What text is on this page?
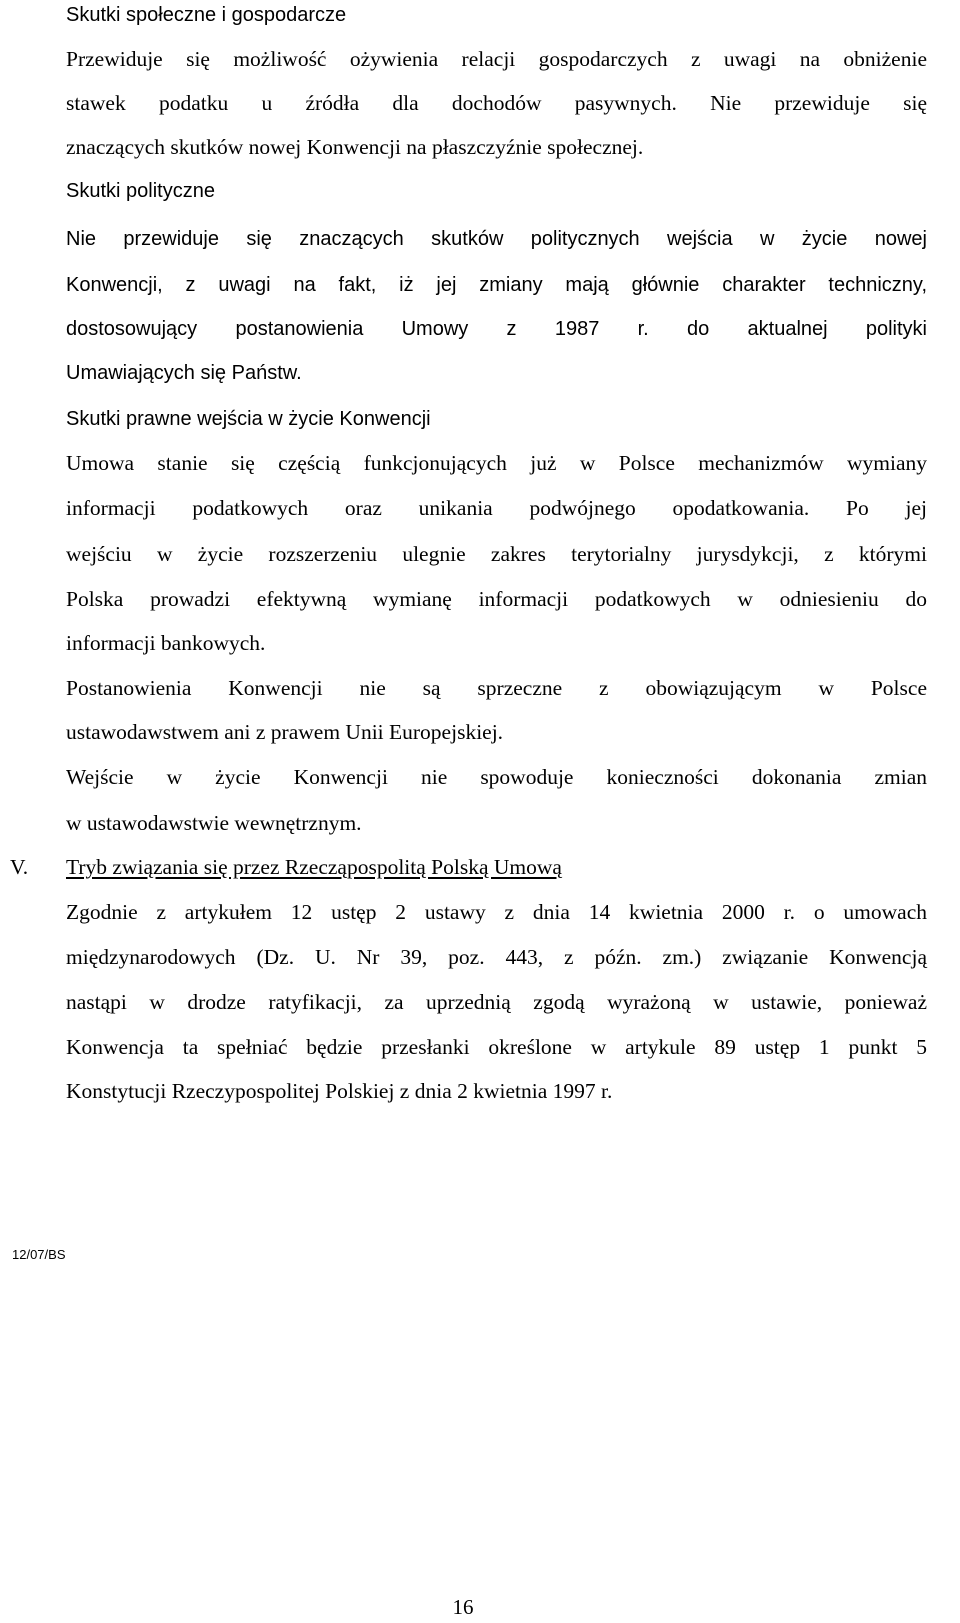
Skutki społeczne i gospodarcze
Przewiduje się możliwość ożywienia relacji gospodarczych z uwagi na obniżenie
stawek podatku u źródła dla dochodów pasywnych. Nie przewiduje się
znaczących skutków nowej Konwencji na płaszczyźnie społecznej.
Skutki polityczne
Nie przewiduje się znaczących skutków politycznych wejścia w życie nowej
Konwencji, z uwagi na fakt, iż jej zmiany mają głównie charakter techniczny,
dostosowujący postanowienia Umowy z 1987 r. do aktualnej polityki
Umawiających się Państw.
Skutki prawne wejścia w życie Konwencji
Umowa stanie się częścią funkcjonujących już w Polsce mechanizmów wymiany
informacji podatkowych oraz unikania podwójnego opodatkowania. Po jej
wejściu w życie rozszerzeniu ulegnie zakres terytorialny jurysdykcji, z którymi
Polska prowadzi efektywną wymianę informacji podatkowych w odniesieniu do
informacji bankowych.
Postanowienia Konwencji nie są sprzeczne z obowiązującym w Polsce
ustawodawstwem ani z prawem Unii Europejskiej.
Wejście w życie Konwencji nie spowoduje konieczności dokonania zmian
w ustawodawstwie wewnętrznym.
V. Tryb związania się przez Rzecząpospolitą Polską Umową
Zgodnie z artykułem 12 ustęp 2 ustawy z dnia 14 kwietnia 2000 r. o umowach
międzynarodowych (Dz. U. Nr 39, poz. 443, z późn. zm.) związanie Konwencją
nastąpi w drodze ratyfikacji, za uprzednią zgodą wyrażoną w ustawie, ponieważ
Konwencja ta spełniać będzie przesłanki określone w artykule 89 ustęp 1 punkt 5
Konstytucji Rzeczypospolitej Polskiej z dnia 2 kwietnia 1997 r.
12/07/BS
16
